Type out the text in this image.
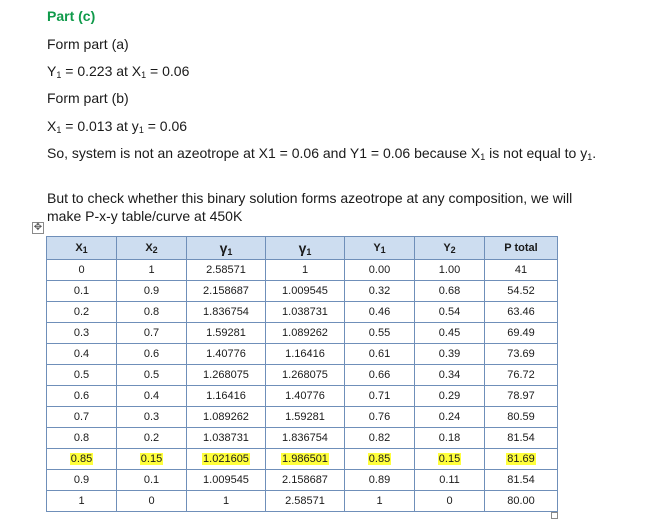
Part (c)
Form part (a)
$Y_1 = 0.223$ at $X_1 = 0.06$
Form part (b)
$X_1 = 0.013$ at $y_1 = 0.06$
So, system is not an azeotrope at X1 = 0.06 and Y1 = 0.06 because $X_1$ is not equal to $y_1$.
But to check whether this binary solution forms azeotrope at any composition, we will make P-x-y table/curve at 450K
✥
$X_1$	$X_2$	$\gamma_1$	$\gamma_1$	$Y_1$	$Y_2$	P total
0	1	2.58571	1	0.00	1.00	41
0.1	0.9	2.158687	1.009545	0.32	0.68	54.52
0.2	0.8	1.836754	1.038731	0.46	0.54	63.46
0.3	0.7	1.59281	1.089262	0.55	0.45	69.49
0.4	0.6	1.40776	1.16416	0.61	0.39	73.69
0.5	0.5	1.268075	1.268075	0.66	0.34	76.72
0.6	0.4	1.16416	1.40776	0.71	0.29	78.97
0.7	0.3	1.089262	1.59281	0.76	0.24	80.59
0.8	0.2	1.038731	1.836754	0.82	0.18	81.54
0.85	0.15	1.021605	1.986501	0.85	0.15	81.69
0.9	0.1	1.009545	2.158687	0.89	0.11	81.54
1	0	1	2.58571	1	0	80.00
